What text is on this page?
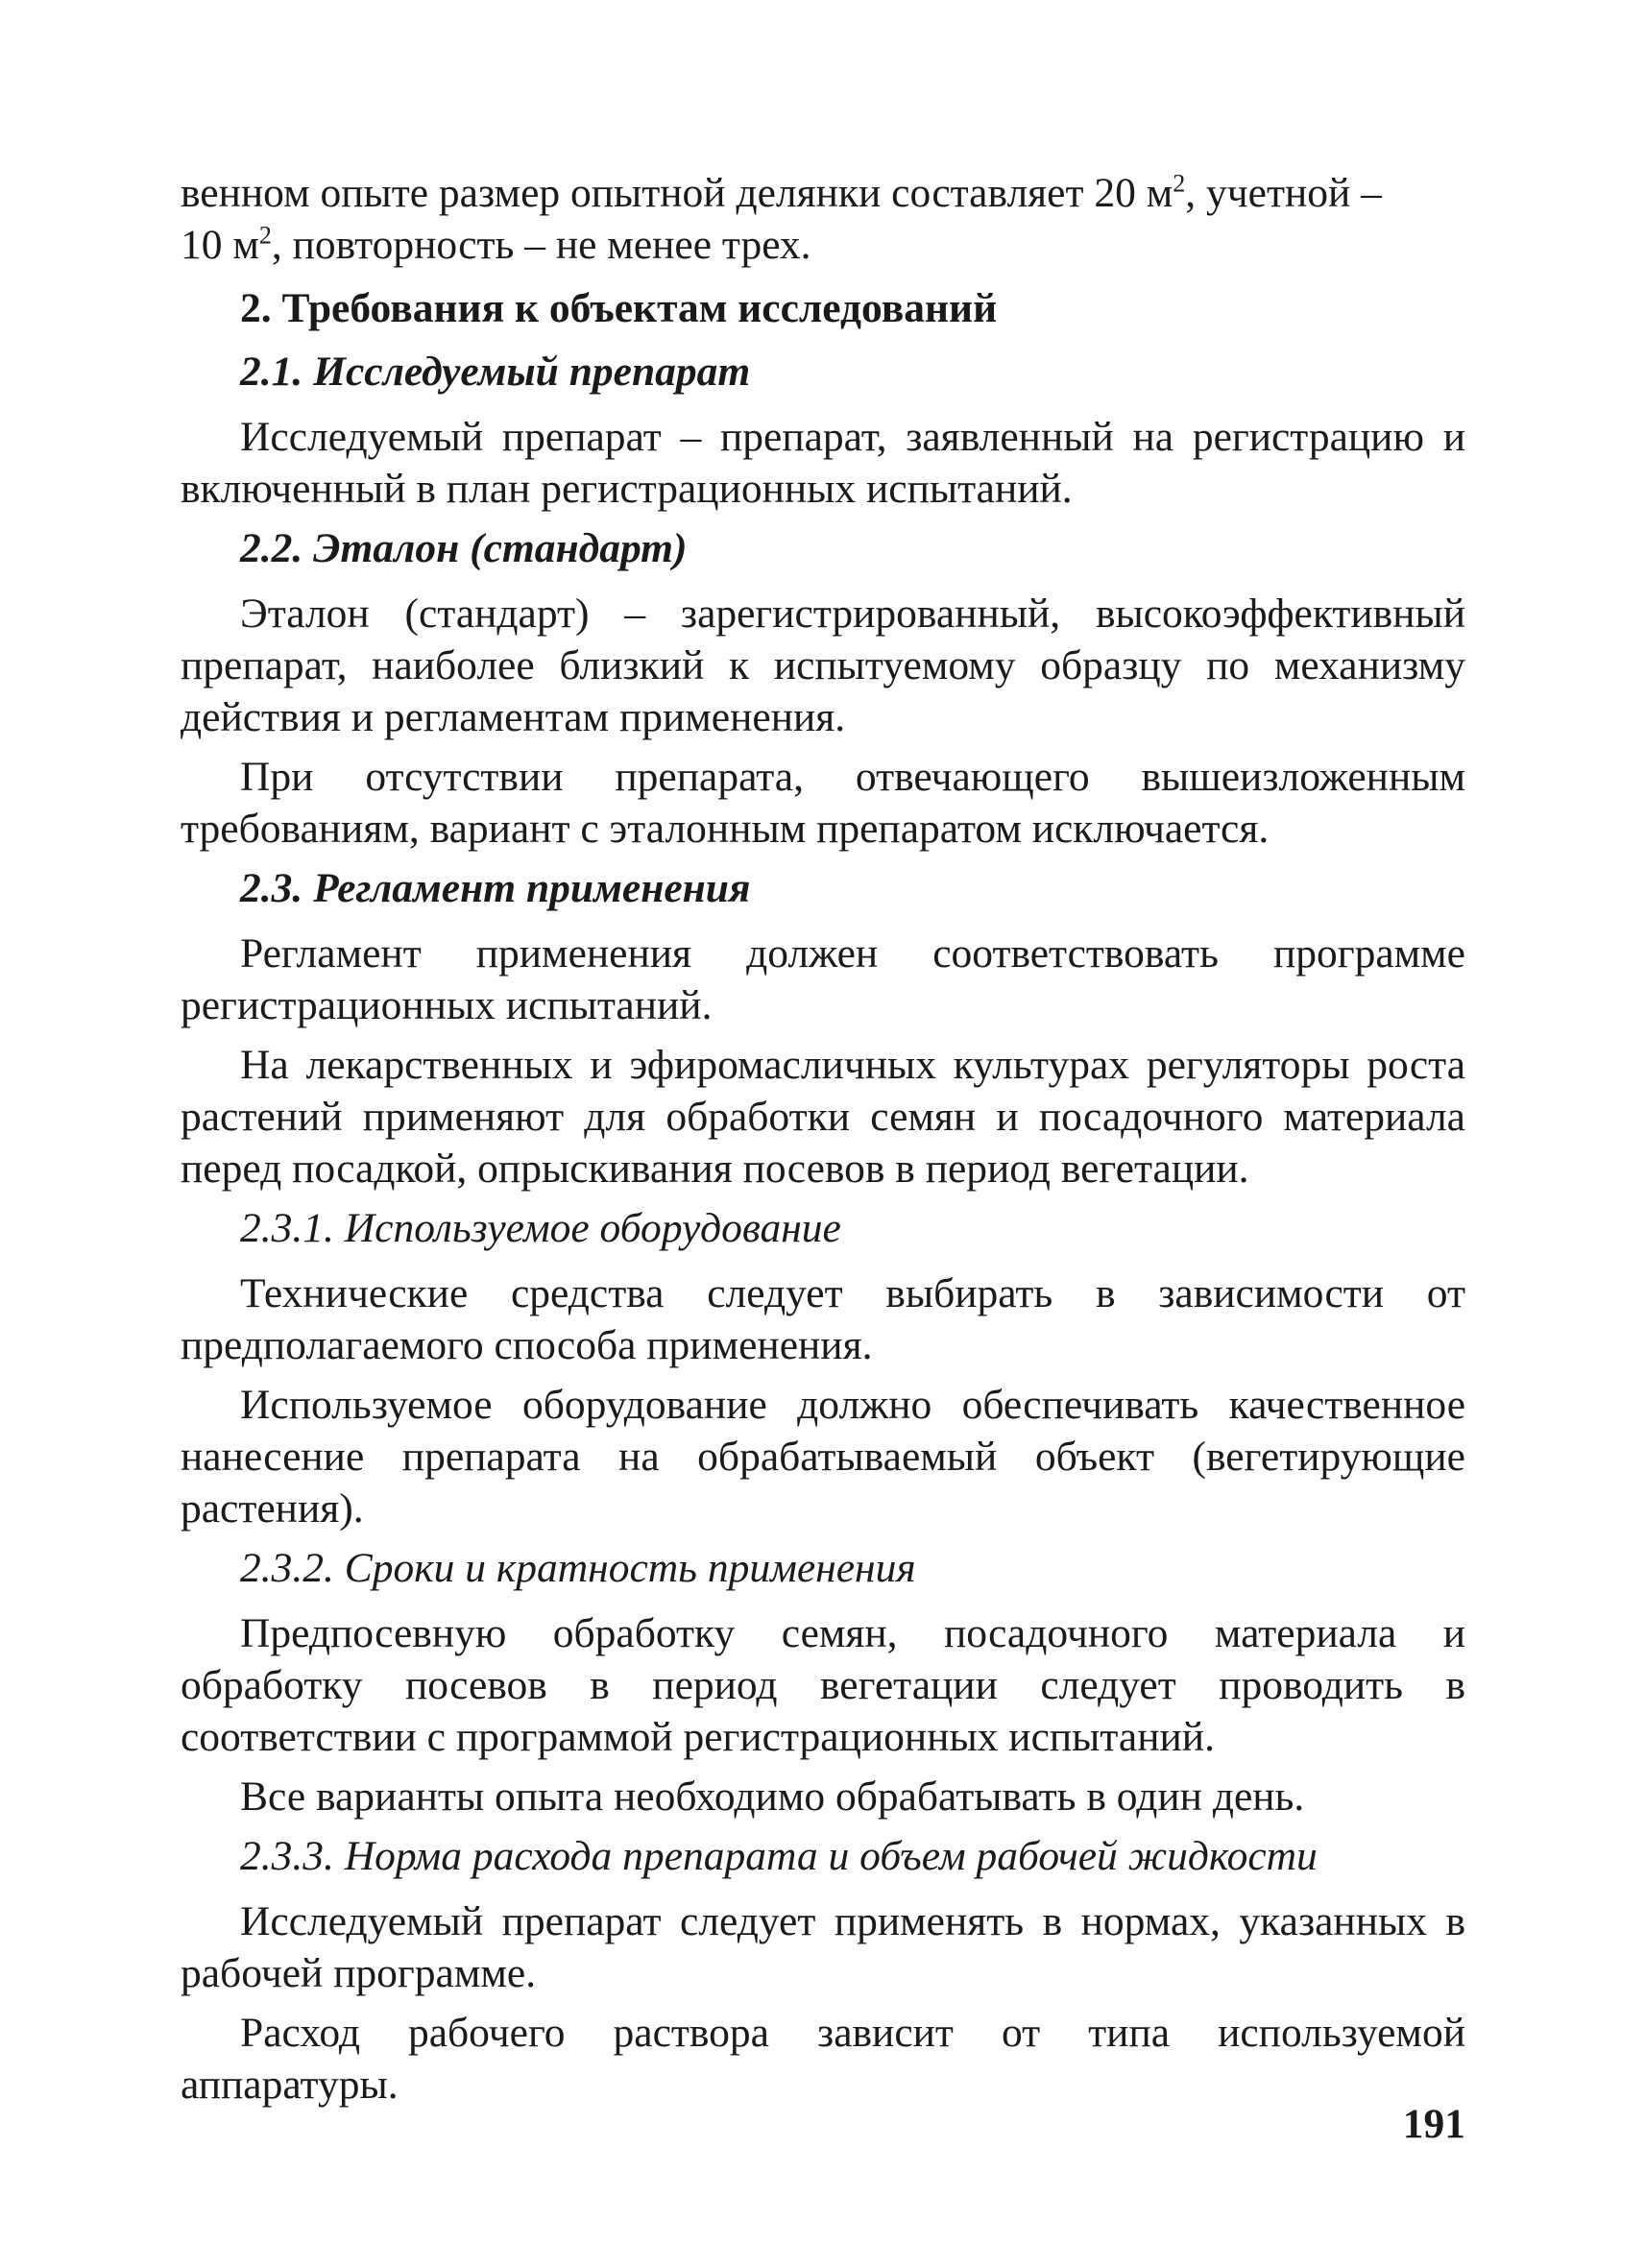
венном опыте размер опытной делянки составляет 20 $м^2$, учетной –
10 $м^2$, повторность – не менее трех.

2. Требования к объектам исследований

2.1. Исследуемый препарат

Исследуемый препарат – препарат, заявленный на регистрацию и включенный в план регистрационных испытаний.

2.2. Эталон (стандарт)

Эталон (стандарт) – зарегистрированный, высокоэффективный препарат, наиболее близкий к испытуемому образцу по механизму действия и регламентам применения.

При отсутствии препарата, отвечающего вышеизложенным требованиям, вариант с эталонным препаратом исключается.

2.3. Регламент применения

Регламент применения должен соответствовать программе регистрационных испытаний.

На лекарственных и эфиромасличных культурах регуляторы роста растений применяют для обработки семян и посадочного материала перед посадкой, опрыскивания посевов в период вегетации.

2.3.1. Используемое оборудование

Технические средства следует выбирать в зависимости от предполагаемого способа применения.

Используемое оборудование должно обеспечивать качественное нанесение препарата на обрабатываемый объект (вегетирующие растения).

2.3.2. Сроки и кратность применения

Предпосевную обработку семян, посадочного материала и обработку посевов в период вегетации следует проводить в соответствии с программой регистрационных испытаний.

Все варианты опыта необходимо обрабатывать в один день.

2.3.3. Норма расхода препарата и объем рабочей жидкости

Исследуемый препарат следует применять в нормах, указанных в рабочей программе.

Расход рабочего раствора зависит от типа используемой аппаратуры.

191
